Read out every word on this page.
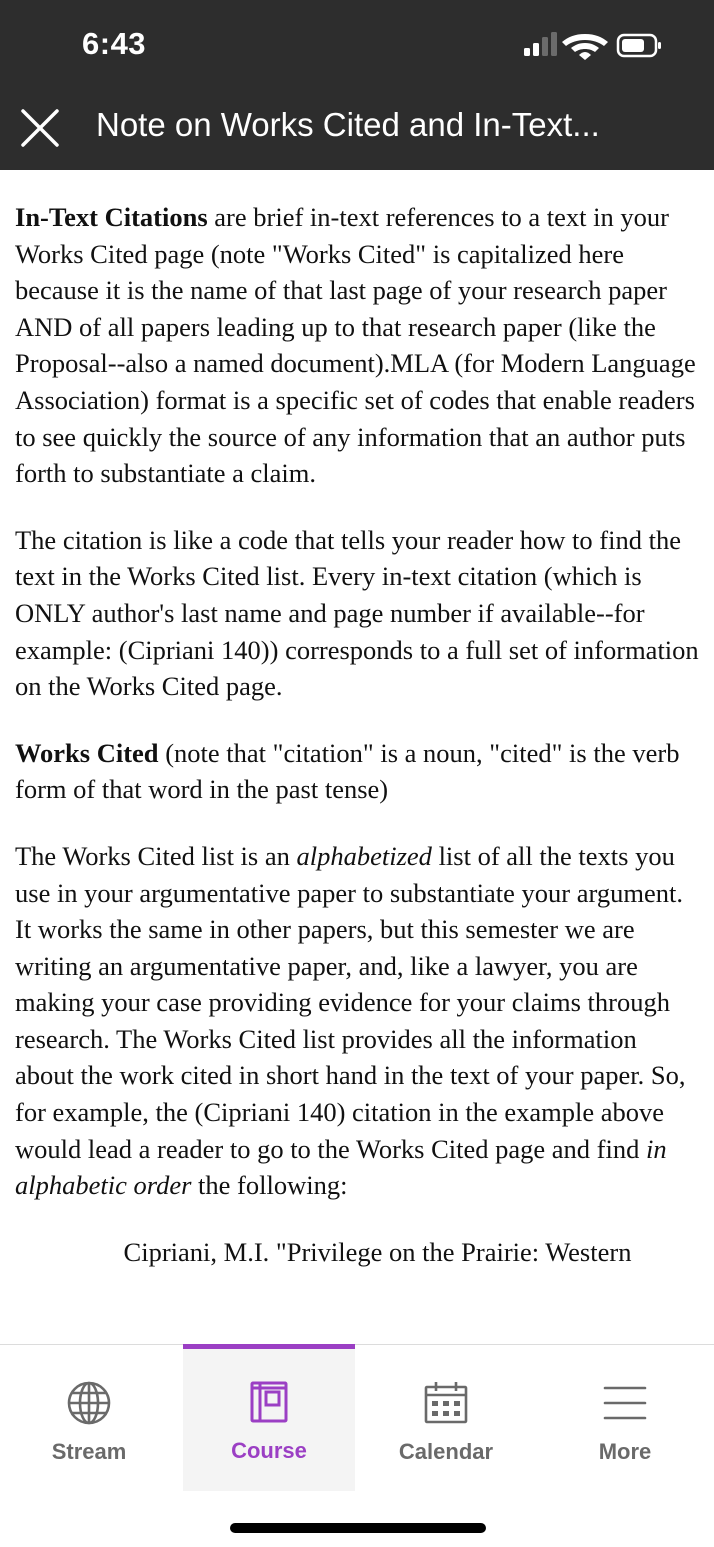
6:43
Note on Works Cited and In-Text...

In-Text Citations are brief in-text references to a text in your Works Cited page (note "Works Cited" is capitalized here because it is the name of that last page of your research paper AND of all papers leading up to that research paper (like the Proposal--also a named document).MLA (for Modern Language Association) format is a specific set of codes that enable readers to see quickly the source of any information that an author puts forth to substantiate a claim.

The citation is like a code that tells your reader how to find the text in the Works Cited list. Every in-text citation (which is ONLY author's last name and page number if available--for example: (Cipriani 140)) corresponds to a full set of information on the Works Cited page.

Works Cited (note that "citation" is a noun, "cited" is the verb form of that word in the past tense)

The Works Cited list is an alphabetized list of all the texts you use in your argumentative paper to substantiate your argument. It works the same in other papers, but this semester we are writing an argumentative paper, and, like a lawyer, you are making your case providing evidence for your claims through research. The Works Cited list provides all the information about the work cited in short hand in the text of your paper. So, for example, the (Cipriani 140) citation in the example above would lead a reader to go to the Works Cited page and find in alphabetic order the following:

Cipriani, M.I. "Privilege on the Prairie: Western

Stream	Course	Calendar	More
